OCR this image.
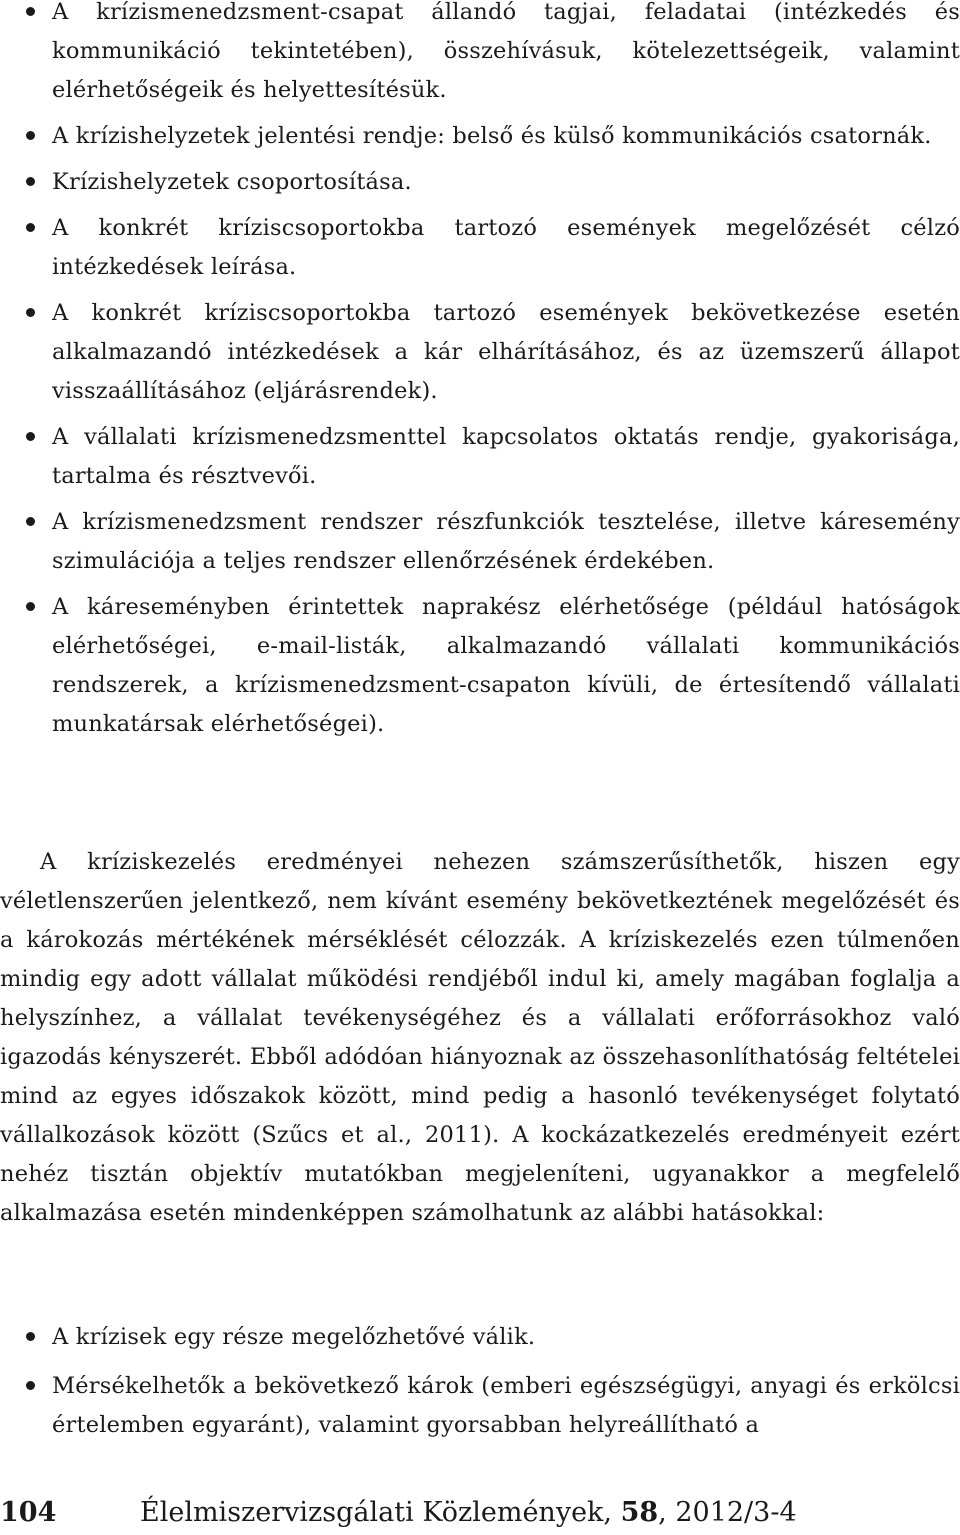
A krízismenedzsment-csapat állandó tagjai, feladatai (intézkedés és kommunikáció tekintetében), összehívásuk, kötelezettségeik, valamint elérhetőségeik és helyettesítésük.
A krízishelyzetek jelentési rendje: belső és külső kommunikációs csatornák.
Krízishelyzetek csoportosítása.
A konkrét kríziscsoportokba tartozó események megelőzését célzó intézkedések leírása.
A konkrét kríziscsoportokba tartozó események bekövetkezése esetén alkalmazandó intézkedések a kár elhárításához, és az üzemszerű állapot visszaállításához (eljárásrendek).
A vállalati krízismenedzsmenttel kapcsolatos oktatás rendje, gyakorisága, tartalma és résztvevői.
A krízismenedzsment rendszer részfunkciók tesztelése, illetve káresemény szimulációja a teljes rendszer ellenőrzésének érdekében.
A káreseményben érintettek naprakész elérhetősége (például hatóságok elérhetőségei, e-mail-listák, alkalmazandó vállalati kommunikációs rendszerek, a krízismenedzsment-csapaton kívüli, de értesítendő vállalati munkatársak elérhetőségei).

A kríziskezelés eredményei nehezen számszerűsíthetők, hiszen egy véletlenszerűen jelentkező, nem kívánt esemény bekövetkeztének megelőzését és a károkozás mértékének mérséklését célozzák. A kríziskezelés ezen túlmenően mindig egy adott vállalat működési rendjéből indul ki, amely magában foglalja a helyszínhez, a vállalat tevékenységéhez és a vállalati erőforrásokhoz való igazodás kényszerét. Ebből adódóan hiányoznak az összehasonlíthatóság feltételei mind az egyes időszakok között, mind pedig a hasonló tevékenységet folytató vállalkozások között (Szűcs et al., 2011). A kockázatkezelés eredményeit ezért nehéz tisztán objektív mutatókban megjeleníteni, ugyanakkor a megfelelő alkalmazása esetén mindenképpen számolhatunk az alábbi hatásokkal:

A krízisek egy része megelőzhetővé válik.
Mérsékelhetők a bekövetkező károk (emberi egészségügyi, anyagi és erkölcsi értelemben egyaránt), valamint gyorsabban helyreállítható a
104	Élelmiszervizsgálati Közlemények, 58, 2012/3-4
